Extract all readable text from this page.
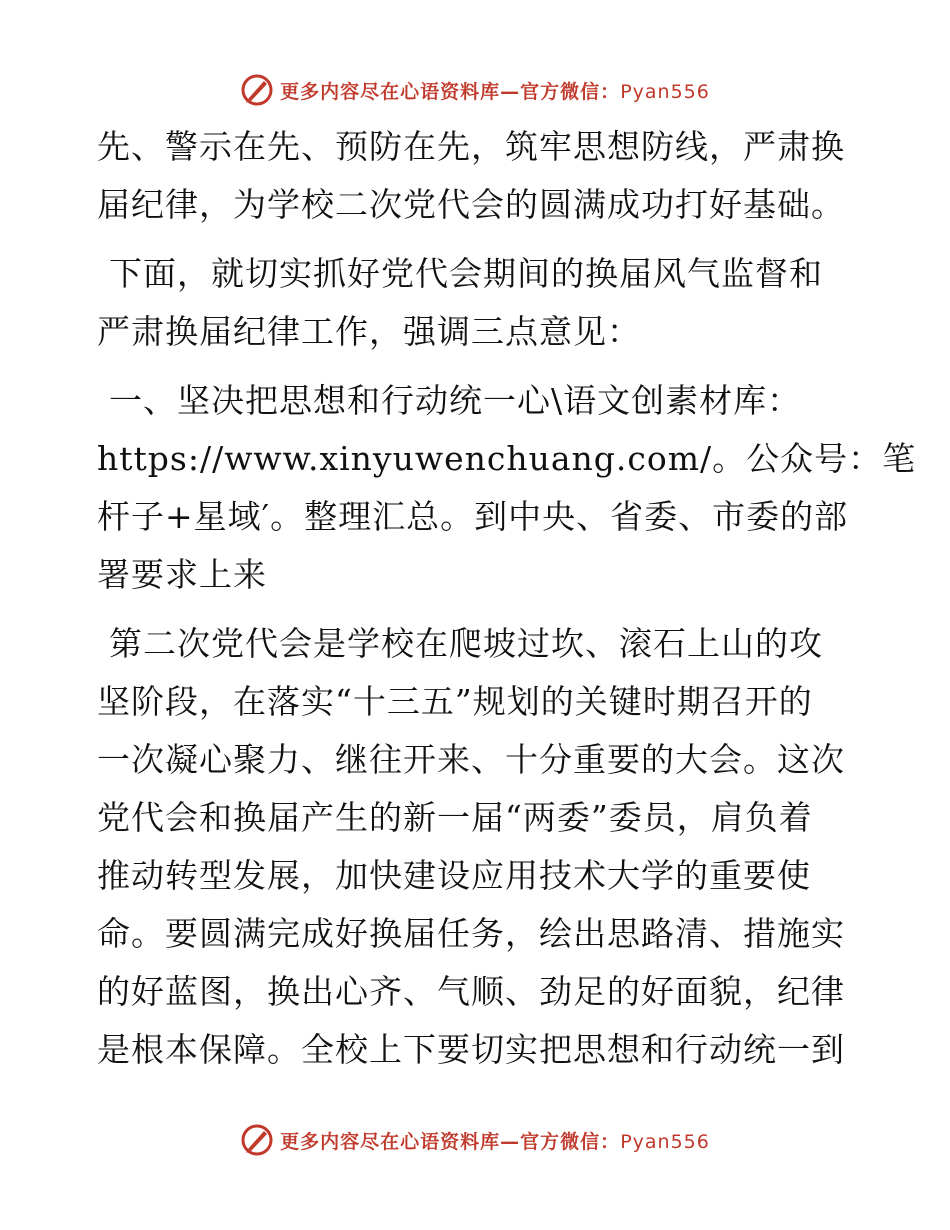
更多内容尽在心语资料库—官方微信：Pyan556

先、警示在先、预防在先，筑牢思想防线，严肃换
届纪律，为学校二次党代会的圆满成功打好基础。

下面，就切实抓好党代会期间的换届风气监督和
严肃换届纪律工作，强调三点意见：

一、坚决把思想和行动统一心\语文创素材库：
https://www.xinyuwenchuang.com/。公众号：笔
杆子+星域′。整理汇总。到中央、省委、市委的部
署要求上来

第二次党代会是学校在爬坡过坎、滚石上山的攻
坚阶段，在落实“十三五”规划的关键时期召开的
一次凝心聚力、继往开来、十分重要的大会。这次
党代会和换届产生的新一届“两委”委员，肩负着
推动转型发展，加快建设应用技术大学的重要使
命。要圆满完成好换届任务，绘出思路清、措施实
的好蓝图，换出心齐、气顺、劲足的好面貌，纪律
是根本保障。全校上下要切实把思想和行动统一到

更多内容尽在心语资料库—官方微信：Pyan556
